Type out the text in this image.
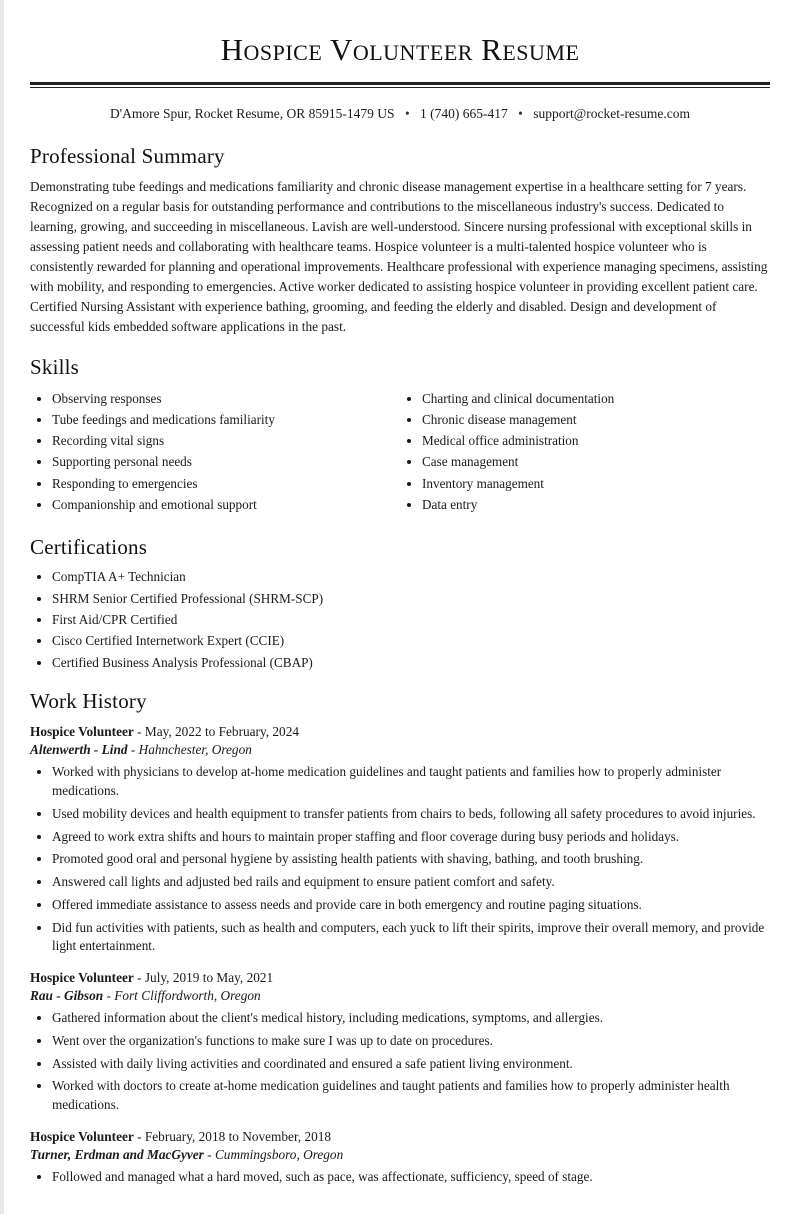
Hospice Volunteer Resume
D'Amore Spur, Rocket Resume, OR 85915-1479 US • 1 (740) 665-417 • support@rocket-resume.com
Professional Summary

Demonstrating tube feedings and medications familiarity and chronic disease management expertise in a healthcare setting for 7 years. Recognized on a regular basis for outstanding performance and contributions to the miscellaneous industry's success. Dedicated to learning, growing, and succeeding in miscellaneous. Lavish are well-understood. Sincere nursing professional with exceptional skills in assessing patient needs and collaborating with healthcare teams. Hospice volunteer is a multi-talented hospice volunteer who is consistently rewarded for planning and operational improvements. Healthcare professional with experience managing specimens, assisting with mobility, and responding to emergencies. Active worker dedicated to assisting hospice volunteer in providing excellent patient care. Certified Nursing Assistant with experience bathing, grooming, and feeding the elderly and disabled. Design and development of successful kids embedded software applications in the past.

Skills
• Observing responses
• Tube feedings and medications familiarity
• Recording vital signs
• Supporting personal needs
• Responding to emergencies
• Companionship and emotional support
• Charting and clinical documentation
• Chronic disease management
• Medical office administration
• Case management
• Inventory management
• Data entry
Certifications
• CompTIA A+ Technician
• SHRM Senior Certified Professional (SHRM-SCP)
• First Aid/CPR Certified
• Cisco Certified Internetwork Expert (CCIE)
• Certified Business Analysis Professional (CBAP)
Work History
Hospice Volunteer - May, 2022 to February, 2024
Altenwerth - Lind - Hahnchester, Oregon
• Worked with physicians to develop at-home medication guidelines and taught patients and families how to properly administer medications.
• Used mobility devices and health equipment to transfer patients from chairs to beds, following all safety procedures to avoid injuries.
• Agreed to work extra shifts and hours to maintain proper staffing and floor coverage during busy periods and holidays.
• Promoted good oral and personal hygiene by assisting health patients with shaving, bathing, and tooth brushing.
• Answered call lights and adjusted bed rails and equipment to ensure patient comfort and safety.
• Offered immediate assistance to assess needs and provide care in both emergency and routine paging situations.
• Did fun activities with patients, such as health and computers, each yuck to lift their spirits, improve their overall memory, and provide light entertainment.
Hospice Volunteer - July, 2019 to May, 2021
Rau - Gibson - Fort Cliffordworth, Oregon
• Gathered information about the client's medical history, including medications, symptoms, and allergies.
• Went over the organization's functions to make sure I was up to date on procedures.
• Assisted with daily living activities and coordinated and ensured a safe patient living environment.
• Worked with doctors to create at-home medication guidelines and taught patients and families how to properly administer health medications.
Hospice Volunteer - February, 2018 to November, 2018
Turner, Erdman and MacGyver - Cummingsboro, Oregon
• Followed and managed what a hard moved, such as pace, was affectionate, sufficiency, speed of stage.
